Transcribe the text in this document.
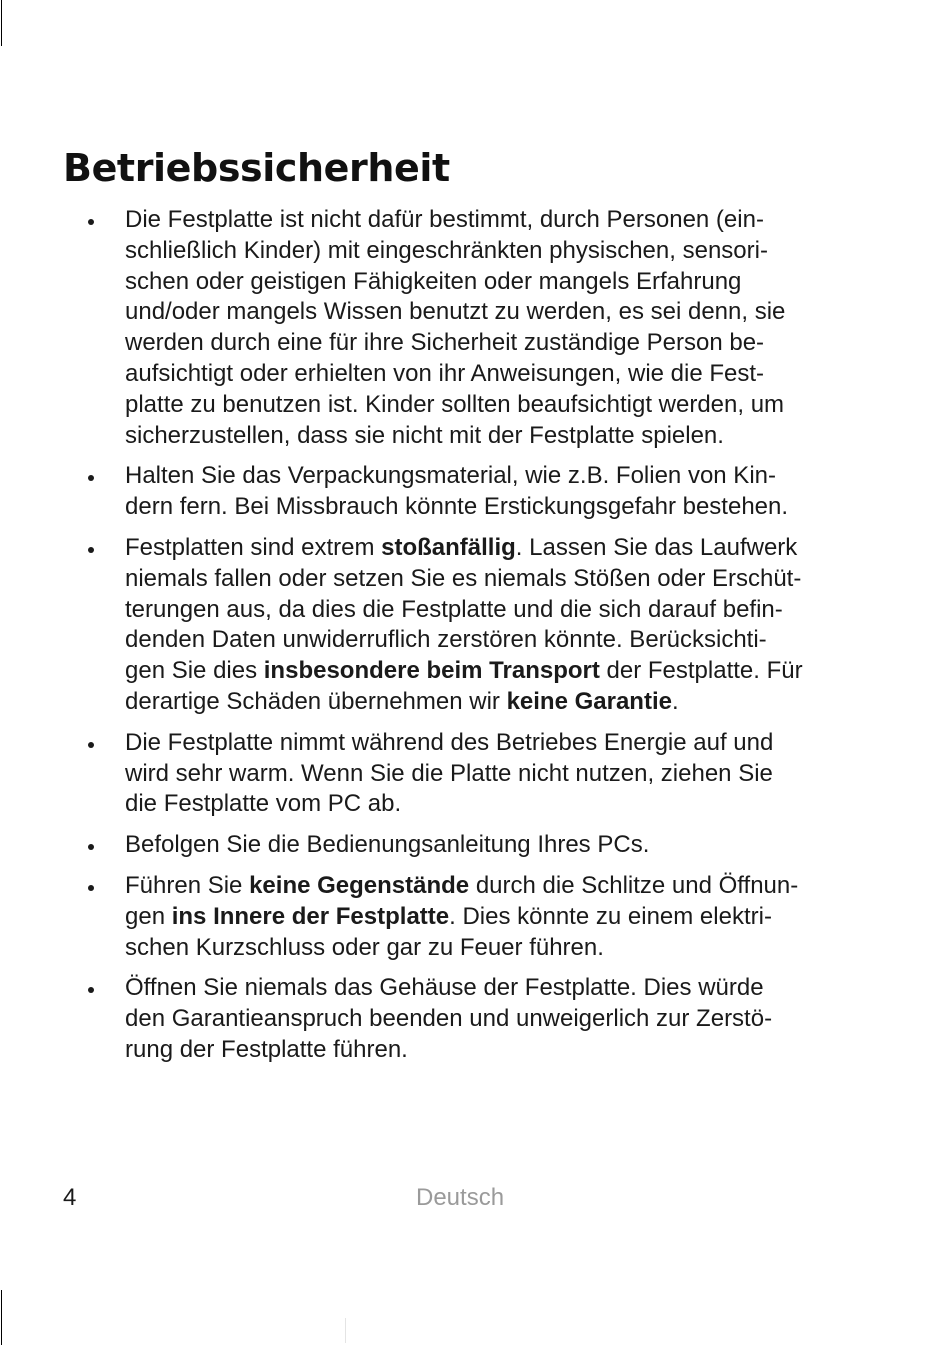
Betriebssicherheit
Die Festplatte ist nicht dafür bestimmt, durch Personen (ein-
schließlich Kinder) mit eingeschränkten physischen, sensori-
schen oder geistigen Fähigkeiten oder mangels Erfahrung
und/oder mangels Wissen benutzt zu werden, es sei denn, sie
werden durch eine für ihre Sicherheit zuständige Person be-
aufsichtigt oder erhielten von ihr Anweisungen, wie die Fest-
platte zu benutzen ist. Kinder sollten beaufsichtigt werden, um
sicherzustellen, dass sie nicht mit der Festplatte spielen.
Halten Sie das Verpackungsmaterial, wie z.B. Folien von Kin-
dern fern. Bei Missbrauch könnte Erstickungsgefahr bestehen.
Festplatten sind extrem stoßanfällig. Lassen Sie das Laufwerk
niemals fallen oder setzen Sie es niemals Stößen oder Erschüt-
terungen aus, da dies die Festplatte und die sich darauf befin-
denden Daten unwiderruflich zerstören könnte. Berücksichti-
gen Sie dies insbesondere beim Transport der Festplatte. Für
derartige Schäden übernehmen wir keine Garantie.
Die Festplatte nimmt während des Betriebes Energie auf und
wird sehr warm. Wenn Sie die Platte nicht nutzen, ziehen Sie
die Festplatte vom PC ab.
Befolgen Sie die Bedienungsanleitung Ihres PCs.
Führen Sie keine Gegenstände durch die Schlitze und Öffnun-
gen ins Innere der Festplatte. Dies könnte zu einem elektri-
schen Kurzschluss oder gar zu Feuer führen.
Öffnen Sie niemals das Gehäuse der Festplatte. Dies würde
den Garantieanspruch beenden und unweigerlich zur Zerstö-
rung der Festplatte führen.
4	Deutsch
